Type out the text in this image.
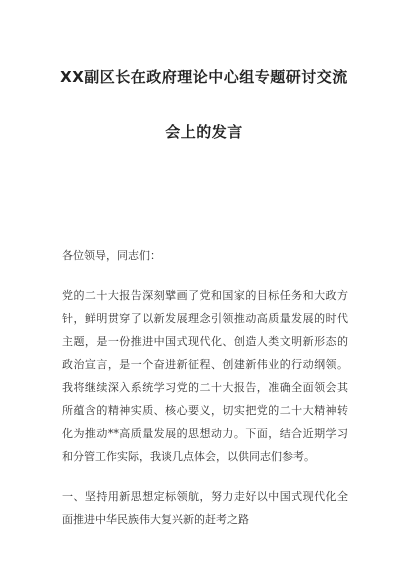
XX副区长在政府理论中心组专题研讨交流
会上的发言
各位领导，同志们：
党的二十大报告深刻擘画了党和国家的目标任务和大政方
针，鲜明贯穿了以新发展理念引领推动高质量发展的时代
主题，是一份推进中国式现代化、创造人类文明新形态的
政治宣言，是一个奋进新征程、创建新伟业的行动纲领。
我将继续深入系统学习党的二十大报告，准确全面领会其
所蕴含的精神实质、核心要义，切实把党的二十大精神转
化为推动**高质量发展的思想动力。下面，结合近期学习
和分管工作实际，我谈几点体会，以供同志们参考。
一、坚持用新思想定标领航，努力走好以中国式现代化全
面推进中华民族伟大复兴新的赶考之路
